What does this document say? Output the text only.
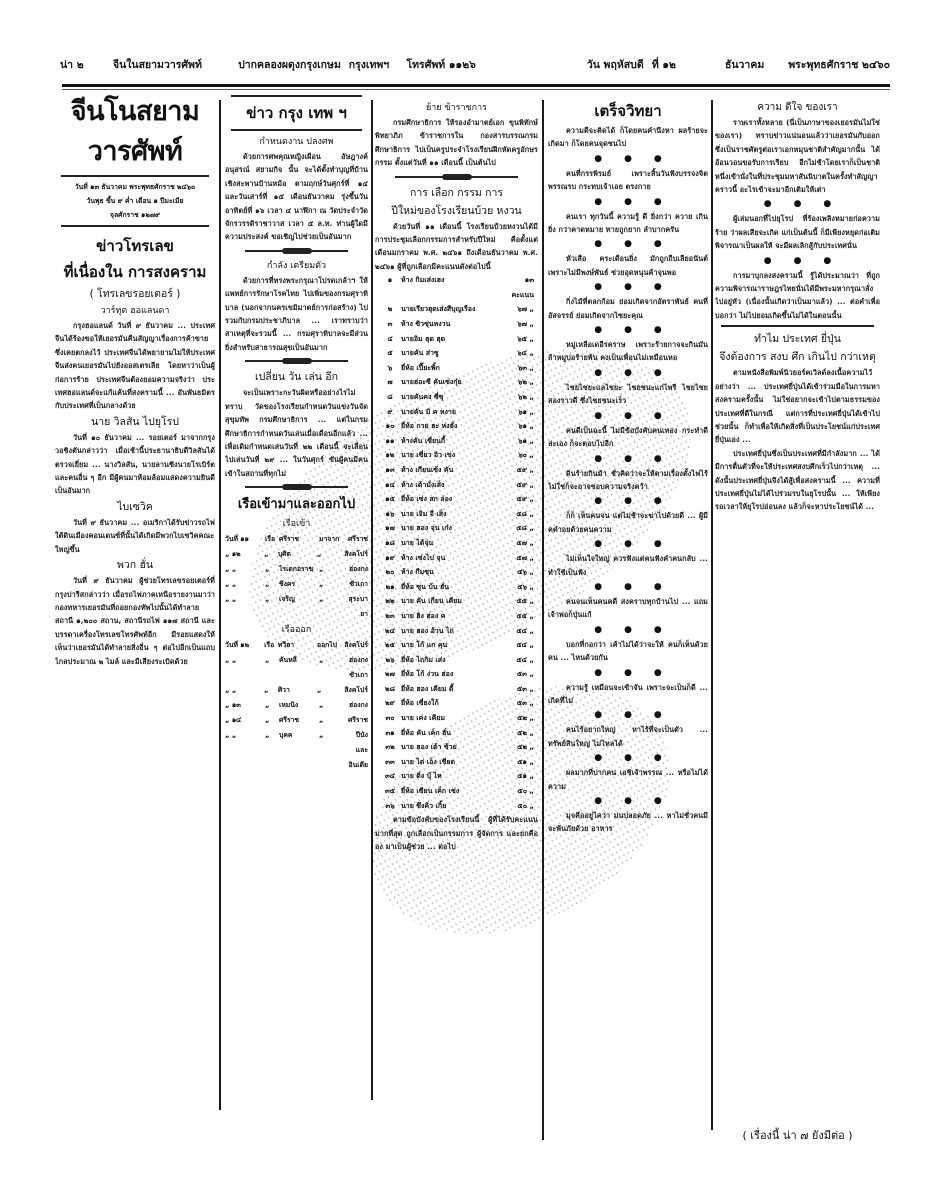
น่า ๒	จีนในสยามวารศัพท์	ปากคลองผดุงกรุงเกษม กรุงเทพฯ	โทรศัพท์ ๑๑๒๖	วัน พฤหัสบดี ที่ ๑๒	ธันวาคม	พระพุทธศักราช ๒๔๖๐
จีนโนสยามวารศัพท์
วันที่ ๑๓ ธันวาคม พระพุทธศักราช ๒๔๖๐
วันพุธ ขึ้น ๙ ค่ำ เดือน ๑ ปีมะเมีย
จุลศักราช ๑๒๗๙
ข่าวโทรเลข
ที่เนื่องใน การสงคราม
( โทรเลขรอยเตอร์ )
วาร์ทุต ฮอแลนดา

กรุงฮอแลนด์ วันที่ ๙ ธันวาคม ... ประเทศจีนได้ร้องขอให้เยอรมันคืนสัญญาเรื่องการค้าขายซึ่งเคยตกลงไว้ ประเทศจีนได้พยายามไม่ให้ประเทศจีนส่งคนเยอรมันไปยังออสเตรเลีย โดยหาว่าเป็นผู้ก่อการร้าย ประเทศจีนต้องยอมความจริงว่า ประเทศฮอแลนด์จะแก้แค้นที่สงครามนี้ ... อันพันธมิตรกับประเทศที่เป็นกลางด้วย

นาย วิลสัน ไปยุโรป

วันที่ ๑๐ ธันวาคม ... รอยเตอร์ มาจากกรุงวอชิงตันกล่าวว่า เมื่อเช้านี้ประธานาธิบดีวิลสันได้ตรวจเยี่ยม ... นางวิลสัน, นายลานซิงนายโรเบิร์ตและคนอื่น ๆ อีก มีผู้คนมาห้อมล้อมแสดงความยินดีเป็นอันมาก

ไบเซวิค

วันที่ ๙ ธันวาคม ... อเมริกาได้รับข่าวรถไฟใต้ดินเมืองคอนเดนซ์ที่นั้นได้เกิดมีพวกไบเซวิคคณะใหญ่ขึ้น

พวก ฮั่น

วันที่ ๙ ธันวาคม ผู้ช่วยโทรเลขรอยเตอร์ที่กรุงปารีสกล่าวว่า เมื่อรถไฟภาคเหนือรายงานมาว่ากองทหารเยอรมันที่ถอยกองทัพไปนั้นได้ทำลายสถานี ๑,๒๐๐ สถาน, สถานีรถไฟ ๑๑๗ สถานี และบรรดาเครื่องโทรเลขโทรศัพท์อีก มีรอยแสดงให้เห็นว่าเยอรมันได้ทำลายสิ่งอื่น ๆ ต่อไปอีกเป็นแถบไกลประมาณ ๒ ไมล์ และมีเสียงระเบิดด้วย

ข่าว กรุง เทพ ฯ
กำหนดงาน ปลงศพ

ด้วยการศพคุณหญิงเผือน อัษฎางค์ อนุสรณ์ สยามกิจ นั้น จะได้ตั้งทำบุญที่บ้าน เชิงสะพานบ้านหม้อ ตามฤกษ์วันศุกร์ที่ ๑๔ และวันเสาร์ที่ ๑๕ เดือนธันวาคม รุ่งขึ้นวันอาทิตย์ที่ ๑๖ เวลา ๔ นาฬิกา ณ วัดประจำวัดจักรวรรดิราชาวาส เวลา ๕ ล.ท. ท่านผู้ใดมีความประสงค์ ขอเชิญไปช่วยเป็นอันมาก

กำลัง เตรียมตัว

ด้วยการที่ทรงพระกรุณาโปรดเกล้าฯ ให้แพทย์การรักษาโรคไทย ไปเพิ่มของกรมศุราทิบาล (นอกจากนครเขมิมาตย์การก่อสร้าง) ไปรวมกับกรมประชาภิบาล ... เราทราบว่าสาเหตุที่จะรวมนี้ ... กรมศุราทิบาลจะมีส่วนยิ่งสำหรับสาธารณสุขเป็นอันมาก

เปลี่ยน วัน เล่น อีก

จะเป็นเพราะกะวันผิดหรืออย่างไรไม่ทราบ วัดของโรงเรียนกำหนดวันแข่งวันจัดสุขุมทัพ กรมศึกษาธิการ ... แต่ในกรมศึกษาธิการกำหนดวันเล่นเมื่อเดือนอีกแล้ว ... เพื่อเดิมกำหนดเล่นวันที่ ๒๒ เดือนนี้ จะเลื่อนไปเล่นวันที่ ๒๙ ... ในวันศุกร์ ขันผู้คนมีคนเข้าในสถานที่ทุกไม่

เรือเข้ามาและออกไป
เรือเข้า
วันที่ ๑๑	เรือ ศรีราช	มาจาก	ศรีราช
„ ๑๒	„	บุศิต	„	สิงคโปร์
„ „	„	ไรเดกอราฆ „	ฮ่องกง
„ „	„	ชิงคร	„	ซัวเถา
„ „	„	เจริญ	„	สุระบายา
เรือออก
วันที่ ๑๒	เรือ ทวีฮา	ออกไป	สิงคโปร์
„ „	„	คันหลี	„	ฮ่องกง ซัวเถา
„ „	„	ศิวา	„	สิงคโปร์
„ ๑๓	„	เหมนิง	„	ฮ่องกง
„ ๑๔	„	ศรีราช	„	ศรีราช
„ „	„	บุคค	„	ปีนังและอินเดีย
ย้าย ข้าราชการ

กรมศึกษาธิการ ให้รองอำมาตย์เอก ขุนพิทักษ์ พิทยาภิภ ข้าราชการใน กองสารบรรณกรมศึกษาธิการ ไปเป็นครูประจำโรงเรียนฝึกหัดครูอักษรกรรม ตั้งแต่วันที่ ๑๑ เดือนนี้ เป็นต้นไป

การ เลือก กรรม การ
ปีใหม่ของโรงเรียนบ้วย หงวน

ด้วยวันที่ ๑๑ เดือนนี้ โรงเรียนบ้วยหงวนได้มีการประชุมเลือกกรรมการสำหรับปีใหม่ คือตั้งแต่เดือนมกราคม พ.ศ. ๒๔๖๑ ถึงเดือนธันวาคม พ.ศ. ๒๔๖๑ ผู้ที่ถูกเลือกมีคะแนนดังต่อไปนี้

๑	ห้าง กิมเส่งเฮง	๑๓ คะแนน
๒	นายเรียวฮุดเส่งสีบุญเรือง	๖๗ „
๓	ห้าง ซิวซุ่นหงวน	๖๗ „
๔	นายอิม ฮุด ฮุด	๖๕ „
๕	นายคัน ส่าซู	๖๔ „
๖	ยี่ห้อ เปี๊ยะพิ้ก	๖๓ „
๗	นายฮ่อะซี คันเซ่งกุ๋ย	๖๒ „
๘	นายคันคง ซี่ซุ	๖๒ „
๙	นายคัน มิ ค หงาย	๖๑ „
๑๐ ยี่ห้อ กวย ฮะ ห่งฮั่ง	๖๑ „
๑๑ ห้างคัน เซี่ยนกี้	๖๑ „
๑๒ นาย เซี่ยว อิว เข่ง	๖๐ „
๑๓ ห้าง เกียนเซ้ง คัน	๕๙ „
๑๔ ห้าง เต้ามั่งเส็ง	๕๙ „
๑๕ ยี่ห้อ เซ่ง สก ล่อง	๕๙ „
๑๖ นาย เจิม จี เส็ง	๕๘ „
๑๗ นาย ฮอง จุ่น เก๋ง	๕๘ „
๑๘ นาย ไต้จุ่น	๕๗ „
๑๙ ห้าง เซ่งไป จุน	๕๗ „
๒๐ ห้าง กีมซุน	๕๖ „
๒๑ ยี่ห้อ ซุน บ้น ฮั่น	๕๖ „
๒๒ นาย คัน เกียน เคียม	๕๕ „
๒๓ นาย ฮิง ฮ่อง ค	๕๕ „
๒๔ นาย ฮอง อ้วน ไถ่	๕๔ „
๒๕ นาย โก้ แก คุน	๕๔ „
๒๖ ยี่ห้อ ไถกิม เส่ง	๕๔ „
๒๗ ยี่ห้อ โก้ ง่วน ฮ่อง	๕๓ „
๒๘ ยี่ห้อ ฮอง เคียม ดี้	๕๓ „
๒๙ ยี่ห้อ เซี่ยงใก้	๕๓ „
๓๐ นาย เค่ง เคียม	๕๒ „
๓๑ ยี่ห้อ คัน เค็ก ฮั่น	๕๒ „
๓๒ นาย ฮอง เต้า ซ้วย	๕๒ „
๓๓ นาย ไต่ เอ็ง เชียด	๕๑ „
๓๔ นาย ติ่ง บุ้ ไห	๕๑ „
๓๕ ยี่ห้อ เซียน เค็ก เซ่ง	๕๐ „
๓๖ นาย ซึงคิ่ว เกิ้ย	๕๐ „

ตามข้อบังคับของโรงเรียนนี้ ผู้ที่ได้รับคะแนนมากที่สุด ถูกเลือกเป็นกรรมการ ผู้จัดการ และยกคือ อง มาเป็นผู้ช่วย ... ต่อไป

เตร็จวิทยา

ความดีจะคิดได้ ก็โดยคนคำนึงหา ผลร้ายจะเกิดมา ก็โดยคนจุดชนไป

●●●

คนที่กรรพิรมย์ เพราะสิ้นวันฟังบรรจงจิต พรรณรบ กระทบเจ้าเอย ตรงกาย

●●●

คนเรา ทุกวันนี้ ความรู้ ดี ยิ่งกว่า ควาย เกินยิ่ง กว่าคาดหมาย ทายถูกยาก ลำบากครัน

●●●

หัวเสือ คระเดือนยิ่ง มักถูกถีบเลียอนันต์ เพราะไม่มีพงษ์พันธ์ ช่วยอุดหนุนค้าจุนพอ

●●●

กิ่งไม้ที่ตลกก้อม ย่อมเกิดจากอัตราพันธ์ คนที่อัสจรรย์ ย่อมเกิดจากไซยะคุณ

●●●

หมู่เหลือเดอีรคราษ เพราะร้ายกาจจะกินมัน ถ้าหมูบ่อร้ายพ้น คงเป็นเพื่อนไม่เหมือนหอ

●●●

ไชยไชยะแลไชยะ ไชยชนะแก่ไพรี ไชยไชยสองราวดี ซึ่งไชยชนะเร็ว

●●●

คนดีเป็นฉะนี้ ไม่มีข้อบังคับคนเทอง กระทำดีล่ะเอง ก็จะตอบไปอีก

●●●

ดินร้ายกินม้า ชั่วคิดว่าจะให้ตามเรื่องตั้งไฟไร้ ไม่ใช่ก็จะอาจชอบความจริงคว้า

●●●

ก็ก็ เห็นคนจน แต่ไม่ช้าจะฆ่าไปด้วยดี ... ผู้มีคตำอยด้วยคนความ

●●●

ไม่เห็นใจใหญ่ ควรฟังแต่คนฟังคำคนกลับ ... ทำใช้เป็นฟัง

●●●

คนจนเห็นคนคดี สงคราบทุกบ้านไป ... แถมเจ้าพ่อก็ปุ่นแก้

●●●

บอกที่กอกว่า เค้าไม่ได้ว่าจะให้ คนก็เห็นด้วยคน ... ไหนด้วยกัน

●●●

ความรู้ เหมือนจะเข้าจัน เพราะจะเป็นก็ดี ... เกิดที่ไม่

●●●

คนไร้อยากใหญ่ หาไร้ที่จะเป็นตัว ... ทรัพย์สินใหญ่ ไม่ไหลได้

●●●

ผลมากที่ปากคน เอชิเจ้าพรรณ ... หรือไม่ได้ความ

●●●

มุจคืออยู่ไคว่า ม่นปลอดภัย ... หาไม่ชั่วคนมีจะพ้นภัยด้วย อาหาร

ความ ดีใจ ของเรา

ราษเราทั้งหลาย (นี่เป็นภาษาของเยอรมันไม่ใช่ของเรา) ทราบข่าวแน่นอนแล้วว่าเยอรมันกับออก ซึ่งเป็นราชศัตรูต่อเราเอกหมุนชาติสำคัญมากนั้น ได้อ้อนวอนขอรับการเรียบ อีกไม่ช้าโดยเราก็เป็นชาติหนึ่งเข้านั่งในที่ประชุมมหาสันนิบาตในครั้งทำสัญญาคราวนี้ อะไรเข้าจะมาอีกเติมให้เต่า

●●●

ผู้เล่มนอกที่ไปยุโรป ที่ร้องเพลิงหมายก่อความร้าย ว่าผลเสียจะเกิด แก่เป็นต้นนี้ ก็มีเพียงหยุดก่อเติมพิจารณาเป็นผลให้ จะมีผลเลิกสู้กับประเทศนั่น

●●●

การมาบุกลงสงครามนี้ รู้ได้ประมาณว่า ที่ถูก ความพิจารณาราษฎรไทยนั่นได้มีพระมหากรุณาสั่งไปอยู่หัว (เนื่องนั้นเกิดว่าเป็นมาแล้ว) ... ต่อคำเพื่อบอกว่า ไม่ไปยอมเกิดขึ้นไม่ได้ในตอนนั้น

ทำไม ประเทศ ยี่ปุ่น
จึงต้องการ สงบ ศึก เกินไป กว่าเหตุ

ตามหนังสือพิมพ์นิวยอร์คเวิลด์ลงเนื้อความไว้อย่างว่า ... ประเทศยี่ปุ่นได้เข้าร่วมมือในการมหาสงครามครั้งนั้น ไม่ใช่อยากจะเข้าไปตามธรรมของประเทศที่ดีในกรณี แต่การที่ประเทศยี่ปุ่นได้เข้าไปช่วยนั้น ก็ทำเพื่อให้เกิดสิ่งที่เป็นประโยชน์แก่ประเทศยี่ปุ่นเอง ...

ประเทศยี่ปุ่นซึ่งเป็นประเทศที่มีกำลังมาก ... ได้มีการตื่นตัวที่จะให้ประเทศสงบศึกเร็วไปกว่าเหตุ ... ดังนั้นประเทศยี่ปุ่นจึงได้สู้เพื่อสงครามนี้ ... ความที่ประเทศยี่ปุ่นไม่ได้ไปร่วมรบในยุโรปนั้น ... ให้เพียงรอเวลาให้ยุโรปอ่อนลง แล้วก็จะหาประโยชน์ได้ ...

( เรื่องนี้ น่า ๗ ยังมีต่อ )
